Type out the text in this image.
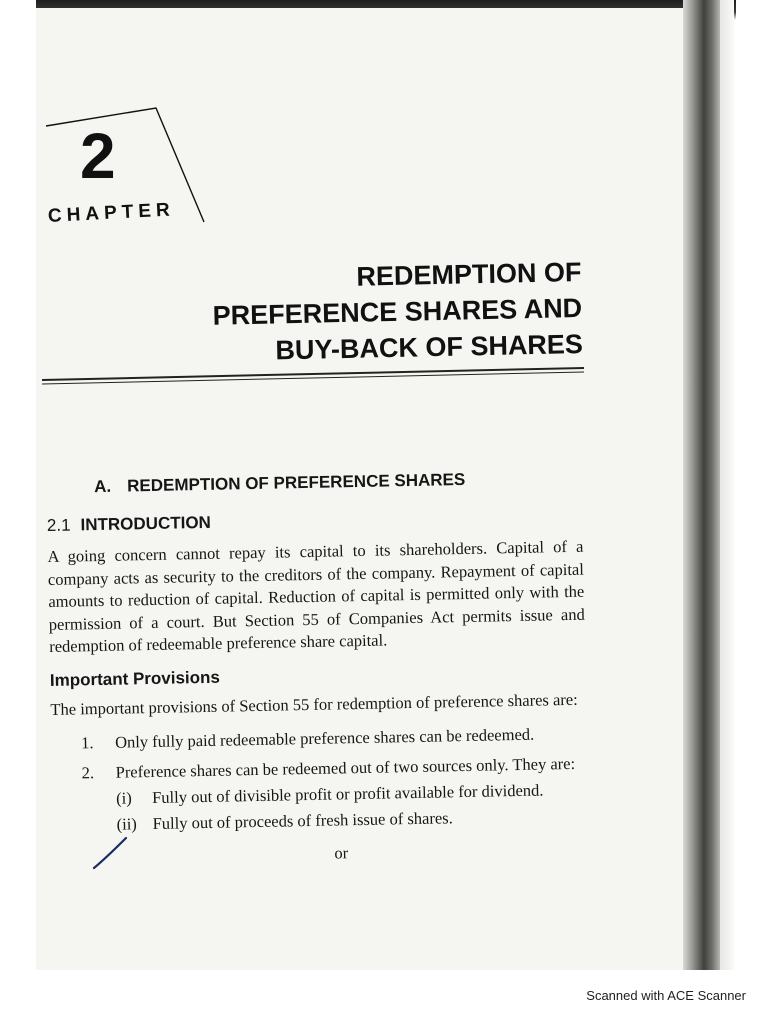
2
CHAPTER
REDEMPTION OF
PREFERENCE SHARES AND
BUY-BACK OF SHARES
A. REDEMPTION OF PREFERENCE SHARES
2.1 INTRODUCTION

A going concern cannot repay its capital to its shareholders. Capital of a company acts as security to the creditors of the company. Repayment of capital amounts to reduction of capital. Reduction of capital is permitted only with the permission of a court. But Section 55 of Companies Act permits issue and redemption of redeemable preference share capital.

Important Provisions

The important provisions of Section 55 for redemption of preference shares are:

1.	Only fully paid redeemable preference shares can be redeemed.
2.	Preference shares can be redeemed out of two sources only. They are:
(i)	Fully out of divisible profit or profit available for dividend.
(ii) Fully out of proceeds of fresh issue of shares.
or
Scanned with ACE Scanner
